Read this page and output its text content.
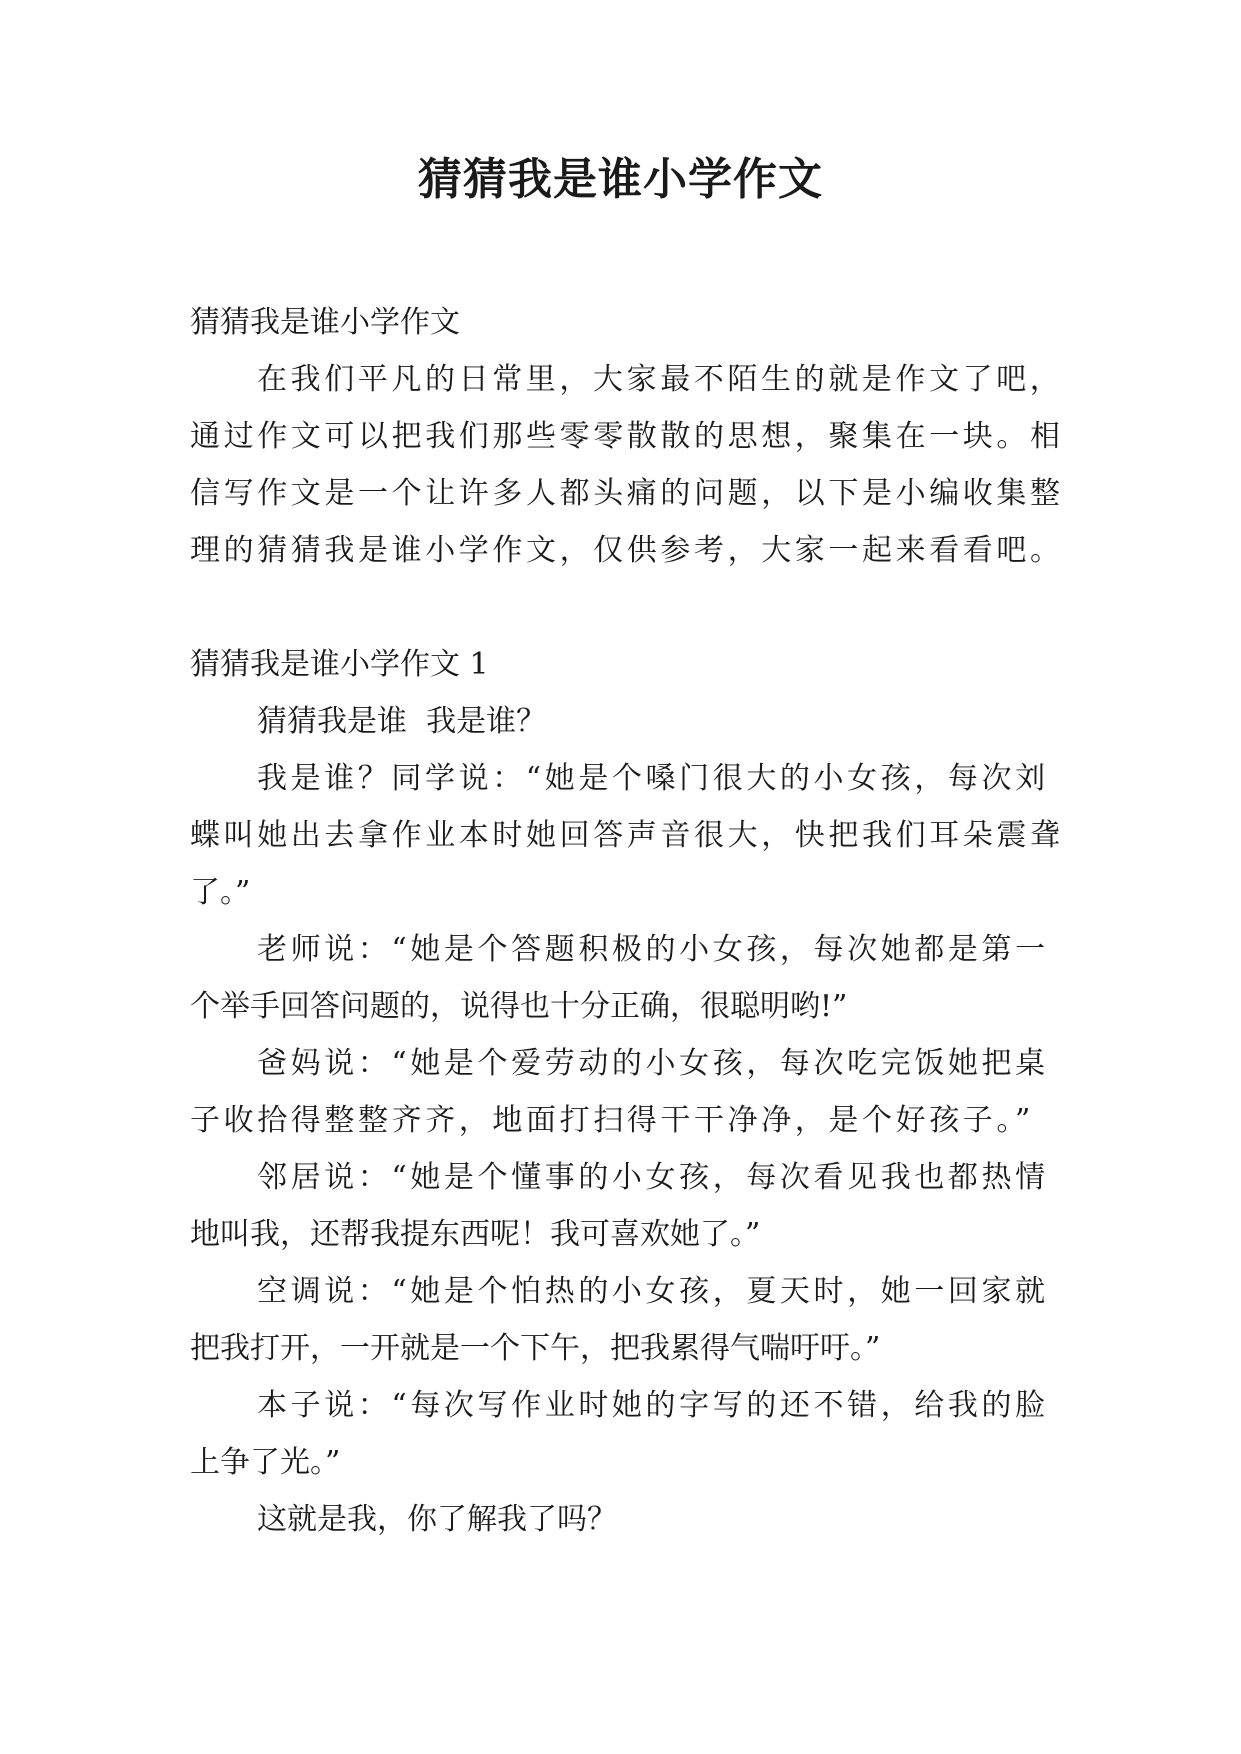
猜猜我是谁小学作文

猜猜我是谁小学作文

在我们平凡的日常里，大家最不陌生的就是作文了吧，

通过作文可以把我们那些零零散散的思想，聚集在一块。相

信写作文是一个让许多人都头痛的问题，以下是小编收集整

理的猜猜我是谁小学作文，仅供参考，大家一起来看看吧。

猜猜我是谁小学作文 1

猜猜我是谁  我是谁？

我是谁？同学说：“她是个嗓门很大的小女孩，每次刘

蝶叫她出去拿作业本时她回答声音很大，快把我们耳朵震聋

了。”

老师说：“她是个答题积极的小女孩，每次她都是第一

个举手回答问题的，说得也十分正确，很聪明哟!”

爸妈说：“她是个爱劳动的小女孩，每次吃完饭她把桌

子收拾得整整齐齐，地面打扫得干干净净，是个好孩子。”

邻居说：“她是个懂事的小女孩，每次看见我也都热情

地叫我，还帮我提东西呢！我可喜欢她了。”

空调说：“她是个怕热的小女孩，夏天时，她一回家就

把我打开，一开就是一个下午，把我累得气喘吁吁。”

本子说：“每次写作业时她的字写的还不错，给我的脸

上争了光。”

这就是我，你了解我了吗？
